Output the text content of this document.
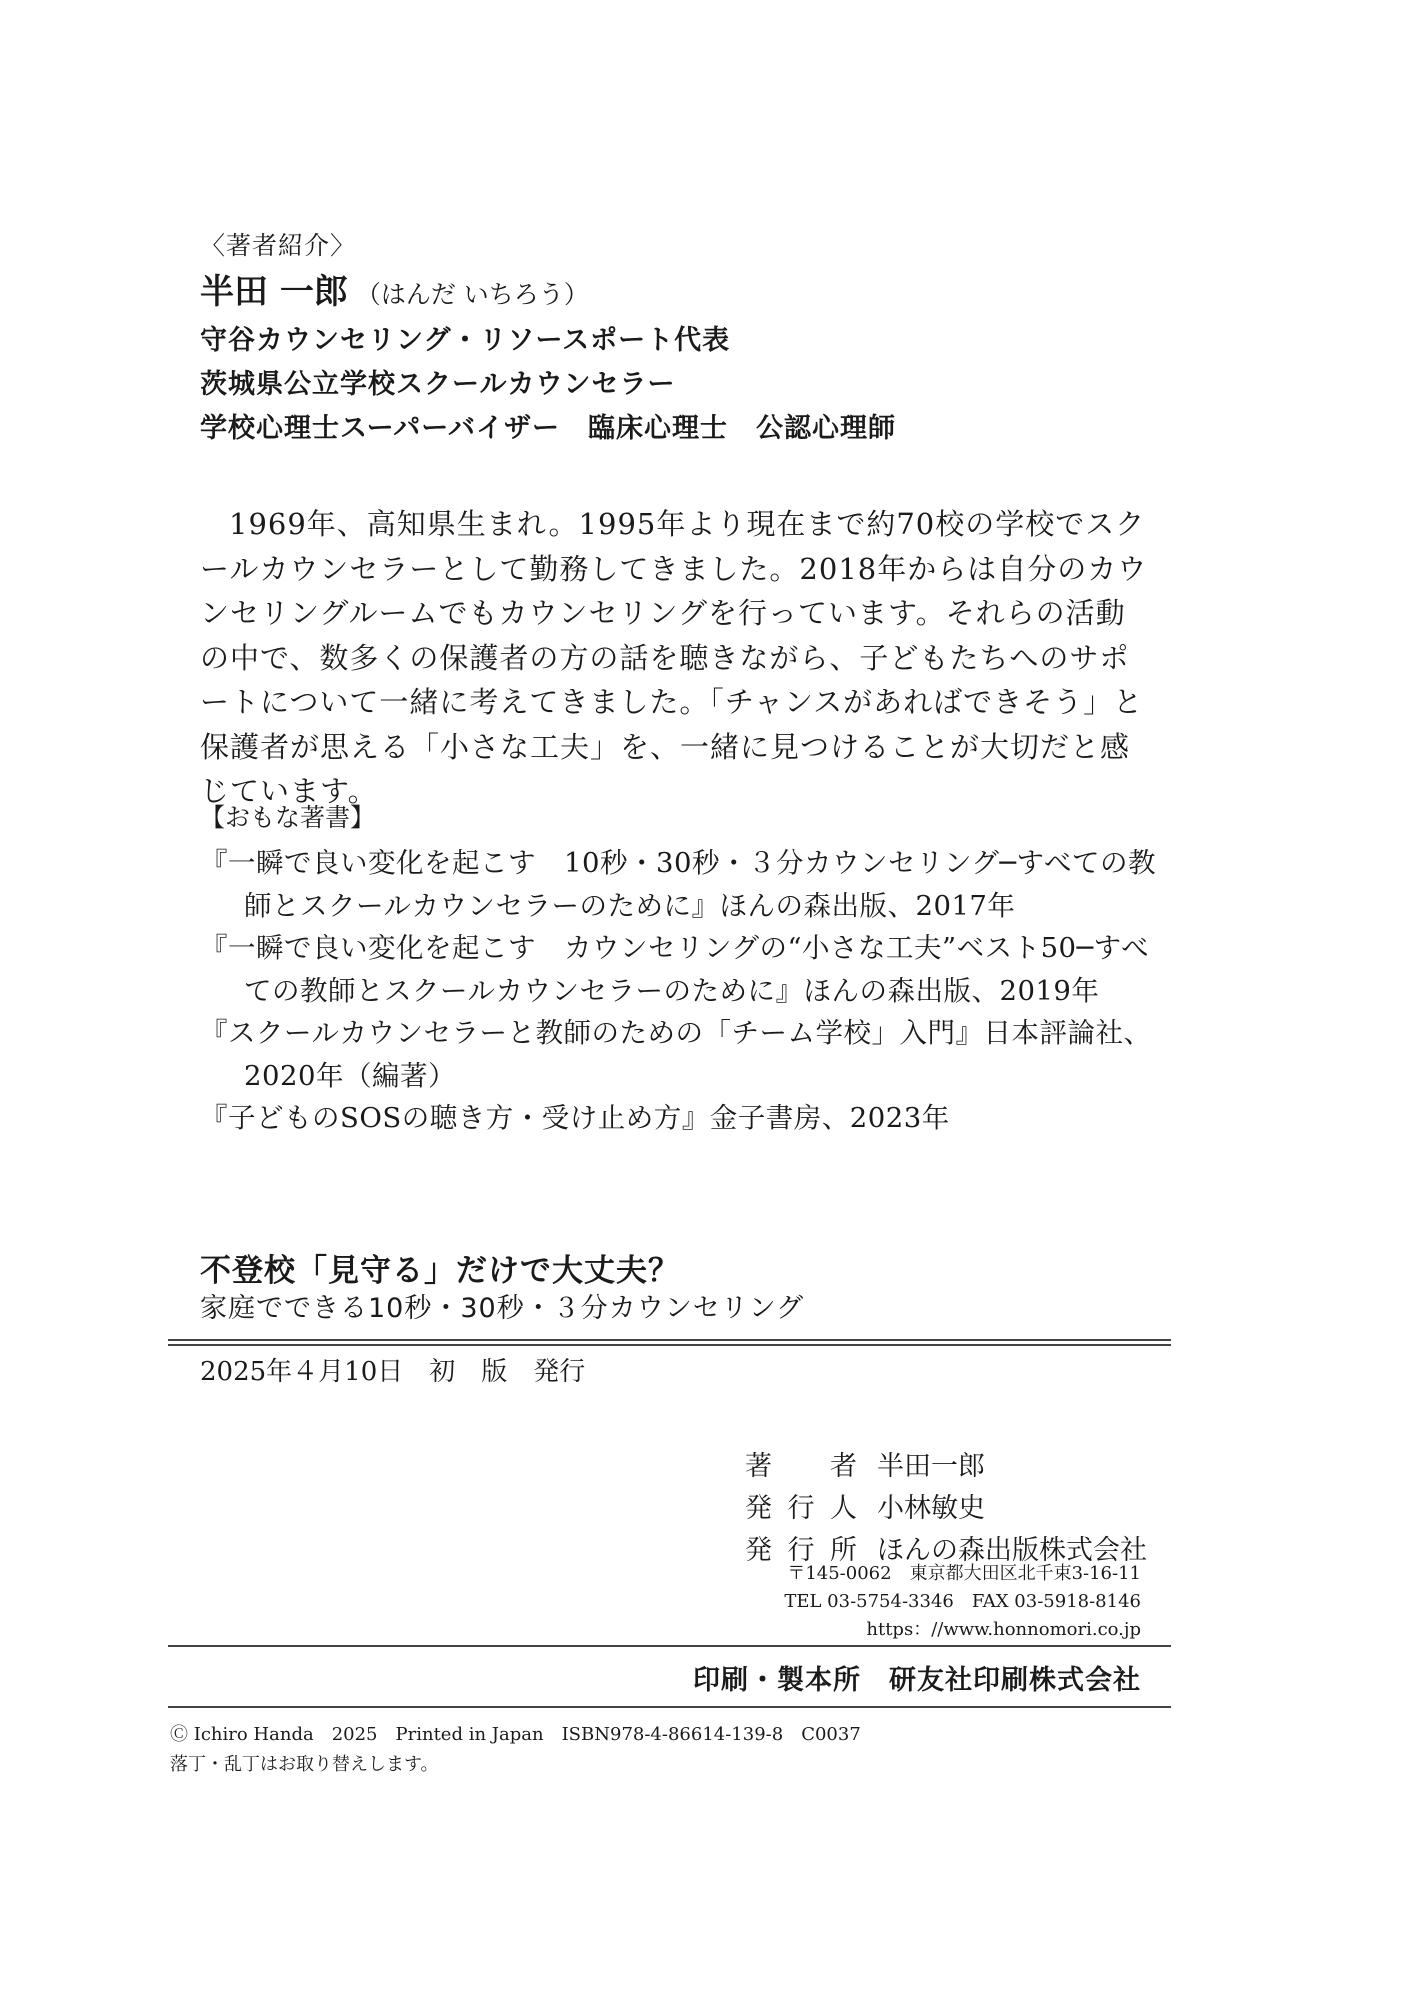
〈著者紹介〉
半田 一郎 （はんだ いちろう）
守谷カウンセリング・リソースポート代表
茨城県公立学校スクールカウンセラー
学校心理士スーパーバイザー　臨床心理士　公認心理師

1969年、高知県生まれ。1995年より現在まで約70校の学校でスクールカウンセラーとして勤務してきました。2018年からは自分のカウンセリングルームでもカウンセリングを行っています。それらの活動の中で、数多くの保護者の方の話を聴きながら、子どもたちへのサポートについて一緒に考えてきました。「チャンスがあればできそう」と保護者が思える「小さな工夫」を、一緒に見つけることが大切だと感じています。

【おもな著書】
『一瞬で良い変化を起こす　10秒・30秒・３分カウンセリング─すべての教師とスクールカウンセラーのために』ほんの森出版、2017年
『一瞬で良い変化を起こす　カウンセリングの“小さな工夫”ベスト50─すべての教師とスクールカウンセラーのために』ほんの森出版、2019年
『スクールカウンセラーと教師のための「チーム学校」入門』日本評論社、2020年（編著）
『子どものSOSの聴き方・受け止め方』金子書房、2023年
不登校「見守る」だけで大丈夫？
家庭でできる10秒・30秒・３分カウンセリング
2025年４月10日　初　版　発行
著　者 半田一郎
発行人 小林敏史
発行所 ほんの森出版株式会社
〒145-0062　東京都大田区北千束3-16-11
TEL 03-5754-3346　FAX 03-5918-8146
https：//www.honnomori.co.jp
印刷・製本所　研友社印刷株式会社
Ⓒ Ichiro Handa　2025　Printed in Japan　ISBN978-4-86614-139-8　C0037
落丁・乱丁はお取り替えします。
